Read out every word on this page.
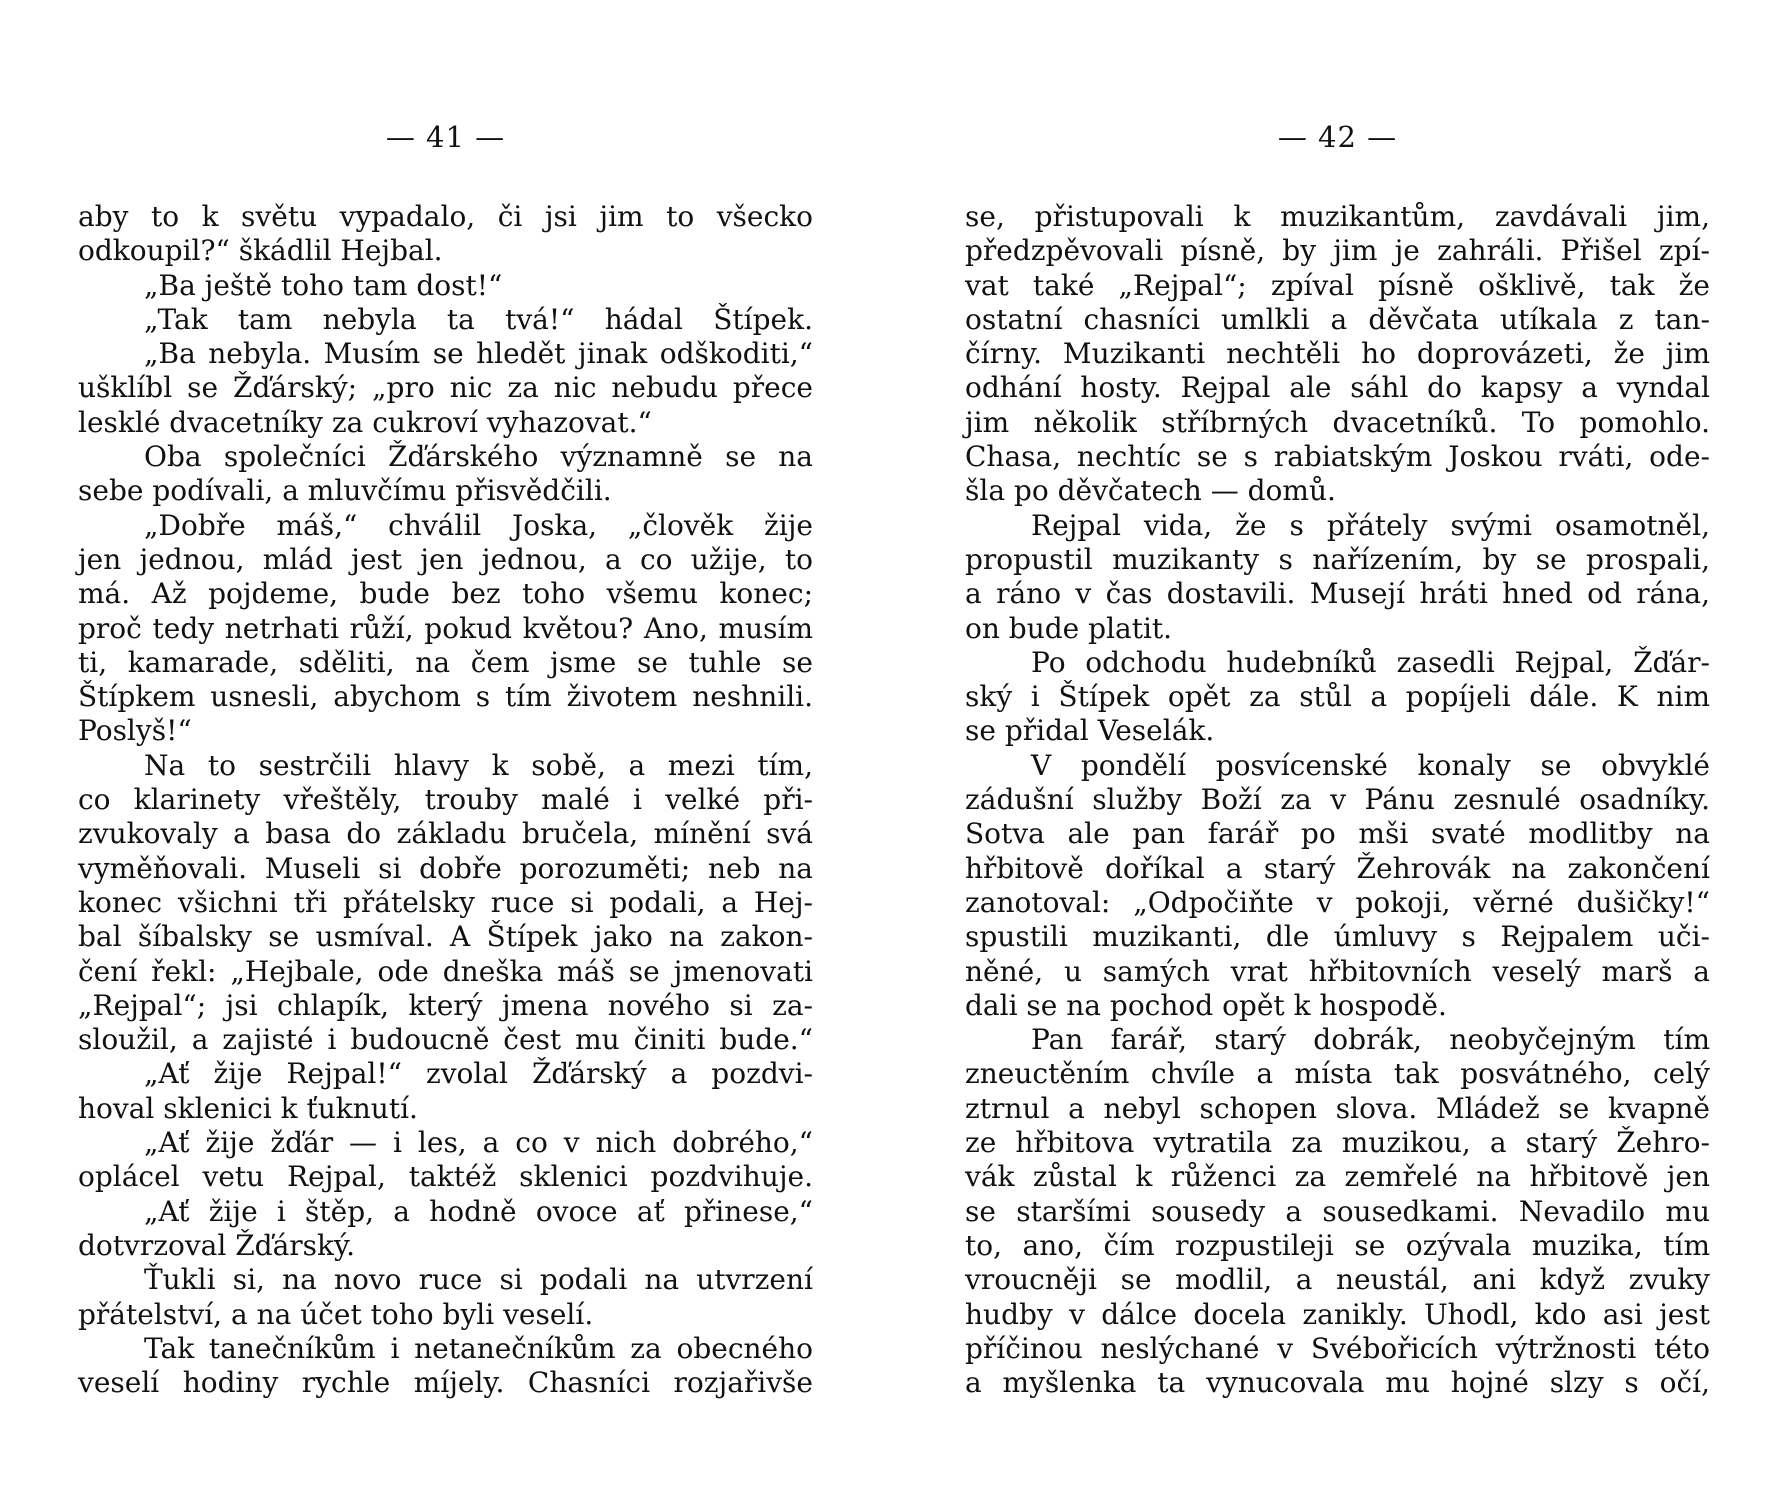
— 41 —
aby to k světu vypadalo, či jsi jim to všecko
odkoupil?“ škádlil Hejbal.
„Ba ještě toho tam dost!“
„Tak tam nebyla ta tvá!“ hádal Štípek.
„Ba nebyla. Musím se hledět jinak odškoditi,“
ušklíbl se Žďárský; „pro nic za nic nebudu přece
lesklé dvacetníky za cukroví vyhazovat.“
Oba společníci Žďárského významně se na
sebe podívali, a mluvčímu přisvědčili.
„Dobře máš,“ chválil Joska, „člověk žije
jen jednou, mlád jest jen jednou, a co užije, to
má. Až pojdeme, bude bez toho všemu konec;
proč tedy netrhati růží, pokud květou? Ano, musím
ti, kamarade, sděliti, na čem jsme se tuhle se
Štípkem usnesli, abychom s tím životem neshnili.
Poslyš!“
Na to sestrčili hlavy k sobě, a mezi tím,
co klarinety vřeštěly, trouby malé i velké při-
zvukovaly a basa do základu bručela, mínění svá
vyměňovali. Museli si dobře porozuměti; neb na
konec všichni tři přátelsky ruce si podali, a Hej-
bal šíbalsky se usmíval. A Štípek jako na zakon-
čení řekl: „Hejbale, ode dneška máš se jmenovati
„Rejpal“; jsi chlapík, který jmena nového si za-
sloužil, a zajisté i budoucně čest mu činiti bude.“
„Ať žije Rejpal!“ zvolal Žďárský a pozdvi-
hoval sklenici k ťuknutí.
„Ať žije žďár — i les, a co v nich dobrého,“
oplácel vetu Rejpal, taktéž sklenici pozdvihuje.
„Ať žije i štěp, a hodně ovoce ať přinese,“
dotvrzoval Žďárský.
Ťukli si, na novo ruce si podali na utvrzení
přátelství, a na účet toho byli veselí.
Tak tanečníkům i netanečníkům za obecného
veselí hodiny rychle míjely. Chasníci rozjařivše
— 42 —
se, přistupovali k muzikantům, zavdávali jim,
předzpěvovali písně, by jim je zahráli. Přišel zpí-
vat také „Rejpal“; zpíval písně ošklivě, tak že
ostatní chasníci umlkli a děvčata utíkala z tan-
čírny. Muzikanti nechtěli ho doprovázeti, že jim
odhání hosty. Rejpal ale sáhl do kapsy a vyndal
jim několik stříbrných dvacetníků. To pomohlo.
Chasa, nechtíc se s rabiatským Joskou rváti, ode-
šla po děvčatech — domů.
Rejpal vida, že s přátely svými osamotněl,
propustil muzikanty s nařízením, by se prospali,
a ráno v čas dostavili. Musejí hráti hned od rána,
on bude platit.
Po odchodu hudebníků zasedli Rejpal, Žďár-
ský i Štípek opět za stůl a popíjeli dále. K nim
se přidal Veselák.
V pondělí posvícenské konaly se obvyklé
zádušní služby Boží za v Pánu zesnulé osadníky.
Sotva ale pan farář po mši svaté modlitby na
hřbitově doříkal a starý Žehrovák na zakončení
zanotoval: „Odpočiňte v pokoji, věrné dušičky!“
spustili muzikanti, dle úmluvy s Rejpalem uči-
něné, u samých vrat hřbitovních veselý marš a
dali se na pochod opět k hospodě.
Pan farář, starý dobrák, neobyčejným tím
zneuctěním chvíle a místa tak posvátného, celý
ztrnul a nebyl schopen slova. Mládež se kvapně
ze hřbitova vytratila za muzikou, a starý Žehro-
vák zůstal k růženci za zemřelé na hřbitově jen
se staršími sousedy a sousedkami. Nevadilo mu
to, ano, čím rozpustileji se ozývala muzika, tím
vroucněji se modlil, a neustál, ani když zvuky
hudby v dálce docela zanikly. Uhodl, kdo asi jest
příčinou neslýchané v Svébořicích výtržnosti této
a myšlenka ta vynucovala mu hojné slzy s očí,
